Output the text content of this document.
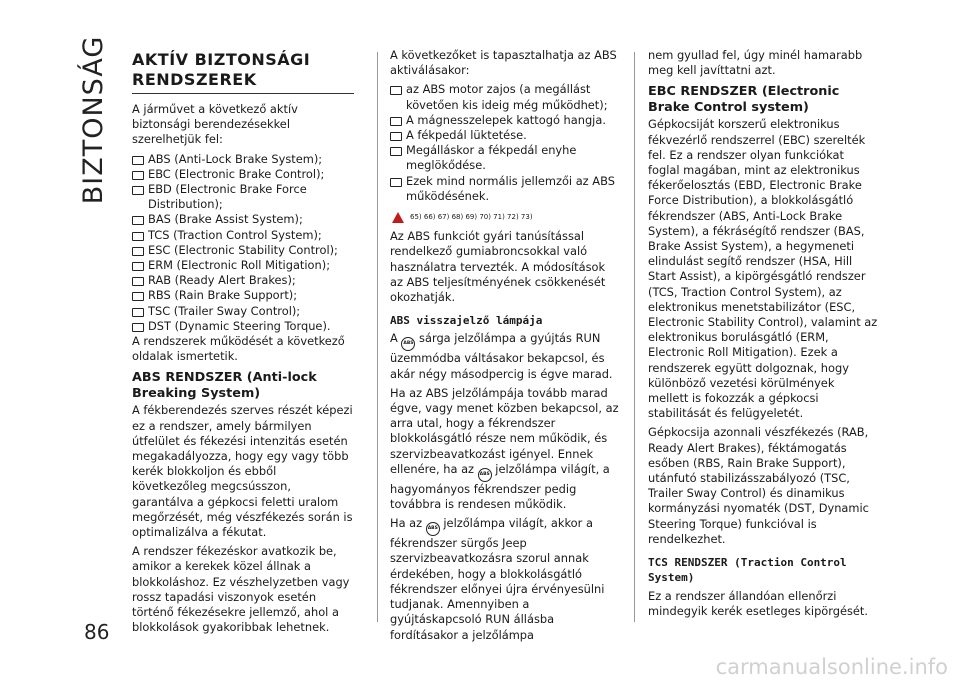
BIZTONSÁG
86
AKTÍV BIZTONSÁGI RENDSZEREK

A járművet a következő aktív biztonsági berendezésekkel szerelhetjük fel:

ABS (Anti-Lock Brake System);
EBC (Electronic Brake Control);
EBD (Electronic Brake Force Distribution);
BAS (Brake Assist System);
TCS (Traction Control System);
ESC (Electronic Stability Control);
ERM (Electronic Roll Mitigation);
RAB (Ready Alert Brakes);
RBS (Rain Brake Support);
TSC (Trailer Sway Control);
DST (Dynamic Steering Torque).

A rendszerek működését a következő oldalak ismertetik.

ABS RENDSZER (Anti-lock Breaking System)

A fékberendezés szerves részét képezi ez a rendszer, amely bármilyen útfelület és fékezési intenzitás esetén megakadályozza, hogy egy vagy több kerék blokkoljon és ebből következőleg megcsússzon, garantálva a gépkocsi feletti uralom megőrzését, még vészfékezés során is optimalizálva a fékutat.

A rendszer fékezéskor avatkozik be, amikor a kerekek közel állnak a blokkoláshoz. Ez vészhelyzetben vagy rossz tapadási viszonyok esetén történő fékezésekre jellemző, ahol a blokkolások gyakoribbak lehetnek.

A következőket is tapasztalhatja az ABS aktiválásakor:

az ABS motor zajos (a megállást követően kis ideig még működhet);
A mágnesszelepek kattogó hangja.
A fékpedál lüktetése.
Megálláskor a fékpedál enyhe meglökődése.
Ezek mind normális jellemzői az ABS működésének.
65) 66) 67) 68) 69) 70) 71) 72) 73)

Az ABS funkciót gyári tanúsítással rendelkező gumiabroncsokkal való használatra tervezték. A módosítások az ABS teljesítményének csökkenését okozhatják.

ABS visszajelző lámpája

A ABS sárga jelzőlámpa a gyújtás RUN üzemmódba váltásakor bekapcsol, és akár négy másodpercig is égve marad.

Ha az ABS jelzőlámpája tovább marad égve, vagy menet közben bekapcsol, az arra utal, hogy a fékrendszer blokkolásgátló része nem működik, és szervizbeavatkozást igényel. Ennek

ellenére, ha az ABS jelzőlámpa világít, a hagyományos fékrendszer pedig továbbra is rendesen működik.

Ha az ABS jelzőlámpa világít, akkor a fékrendszer sürgős Jeep szervizbeavatkozásra szorul annak érdekében, hogy a blokkolásgátló fékrendszer előnyei újra érvényesülni tudjanak. Amennyiben a gyújtáskapcsoló RUN állásba fordításakor a jelzőlámpa

nem gyullad fel, úgy minél hamarabb meg kell javíttatni azt.

EBC RENDSZER (Electronic Brake Control system)

Gépkocsiját korszerű elektronikus fékvezérlő rendszerrel (EBC) szerelték fel. Ez a rendszer olyan funkciókat foglal magában, mint az elektronikus fékerőelosztás (EBD, Electronic Brake Force Distribution), a blokkolásgátló fékrendszer (ABS, Anti-Lock Brake System), a fékráségítő rendszer (BAS, Brake Assist System), a hegymeneti elindulást segítő rendszer (HSA, Hill Start Assist), a kipörgésgátló rendszer (TCS, Traction Control System), az elektronikus menetstabilizátor (ESC, Electronic Stability Control), valamint az elektronikus borulásgátló (ERM, Electronic Roll Mitigation). Ezek a rendszerek együtt dolgoznak, hogy különböző vezetési körülmények mellett is fokozzák a gépkocsi stabilitását és felügyeletét.

Gépkocsija azonnali vészfékezés (RAB, Ready Alert Brakes), féktámogatás esőben (RBS, Rain Brake Support), utánfutó stabilizásszabályozó (TSC, Trailer Sway Control) és dinamikus kormányzási nyomaték (DST, Dynamic Steering Torque) funkcióval is rendelkezhet.

TCS RENDSZER (Traction Control System)

Ez a rendszer állandóan ellenőrzi mindegyik kerék esetleges kipörgését.

carmanualsonline.info
